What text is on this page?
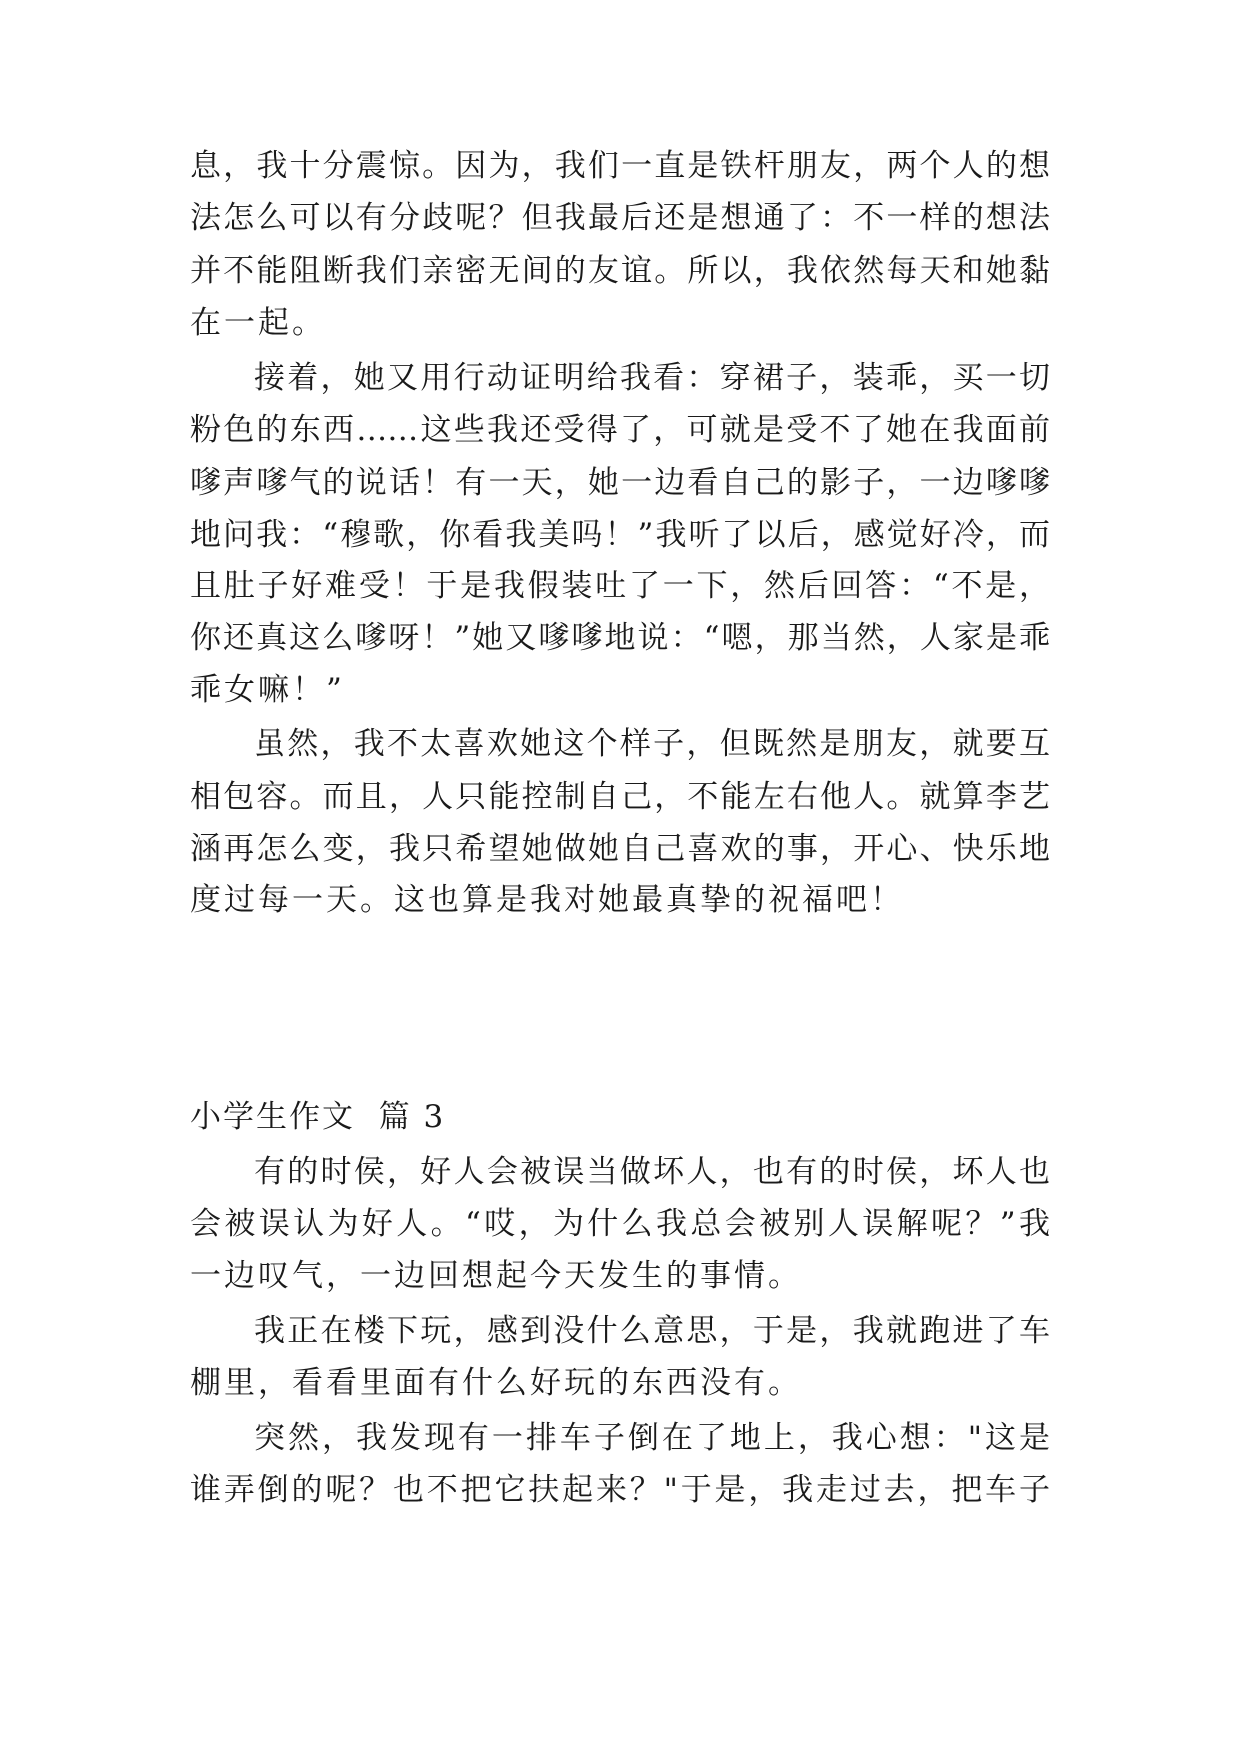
息，我十分震惊。因为，我们一直是铁杆朋友，两个人的想
法怎么可以有分歧呢？但我最后还是想通了：不一样的想法
并不能阻断我们亲密无间的友谊。所以，我依然每天和她黏
在一起。
接着，她又用行动证明给我看：穿裙子，装乖，买一切
粉色的东西……这些我还受得了，可就是受不了她在我面前
嗲声嗲气的说话！有一天，她一边看自己的影子，一边嗲嗲
地问我：“穆歌，你看我美吗！”我听了以后，感觉好冷，而
且肚子好难受！于是我假装吐了一下，然后回答：“不是，
你还真这么嗲呀！”她又嗲嗲地说：“嗯，那当然，人家是乖
乖女嘛！”
虽然，我不太喜欢她这个样子，但既然是朋友，就要互
相包容。而且，人只能控制自己，不能左右他人。就算李艺
涵再怎么变，我只希望她做她自己喜欢的事，开心、快乐地
度过每一天。这也算是我对她最真挚的祝福吧！
小学生作文  篇 3
有的时侯，好人会被误当做坏人，也有的时侯，坏人也
会被误认为好人。“哎，为什么我总会被别人误解呢？”我
一边叹气，一边回想起今天发生的事情。
我正在楼下玩，感到没什么意思，于是，我就跑进了车
棚里，看看里面有什么好玩的东西没有。
突然，我发现有一排车子倒在了地上，我心想："这是
谁弄倒的呢？也不把它扶起来？"于是，我走过去，把车子
